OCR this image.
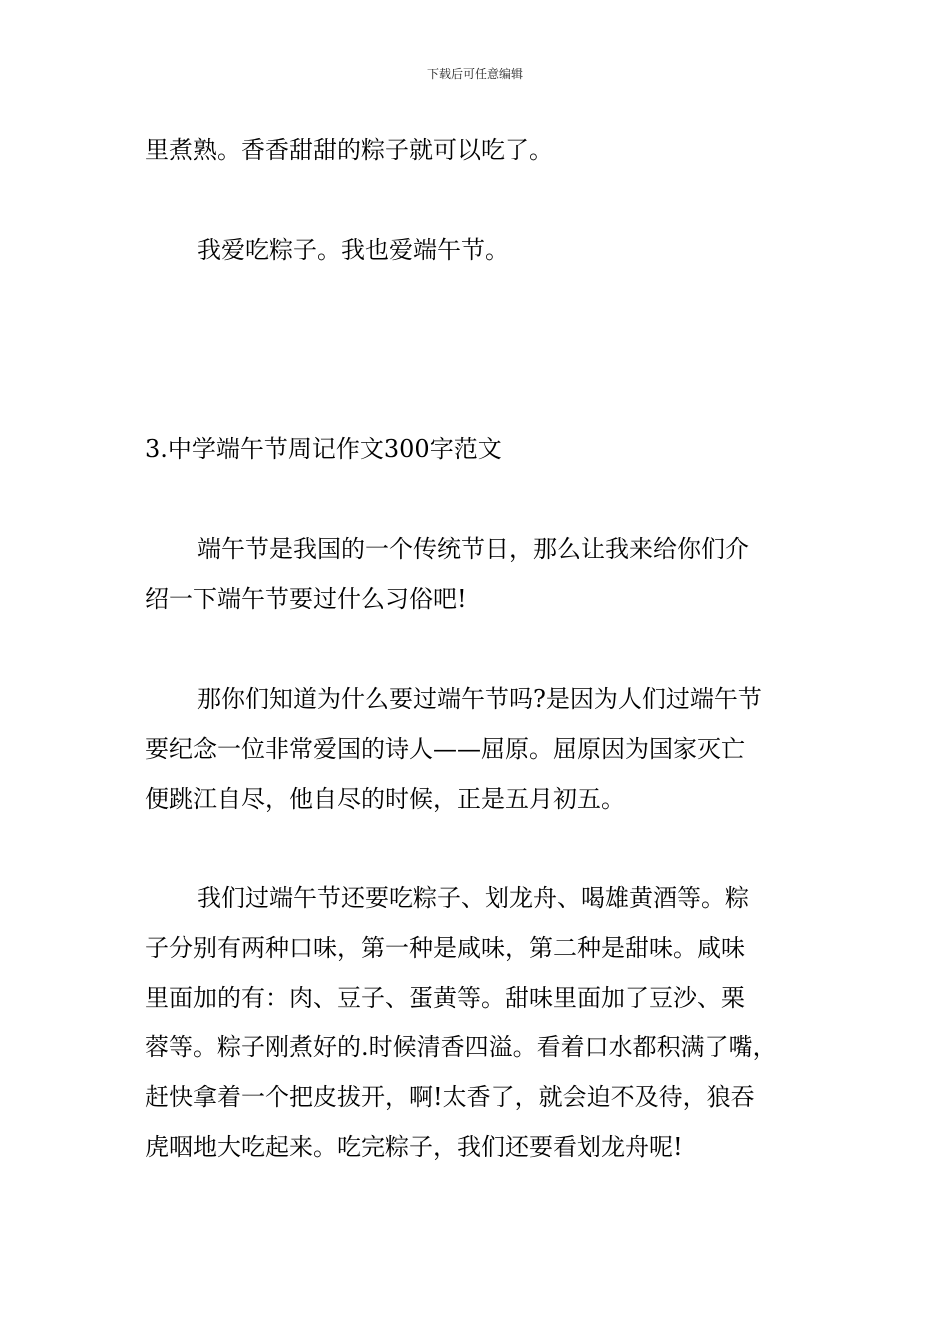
下载后可任意编辑
里煮熟。香香甜甜的粽子就可以吃了。
我爱吃粽子。我也爱端午节。
3.中学端午节周记作文300字范文
端午节是我国的一个传统节日，那么让我来给你们介
绍一下端午节要过什么习俗吧!
那你们知道为什么要过端午节吗?是因为人们过端午节
要纪念一位非常爱国的诗人——屈原。屈原因为国家灭亡
便跳江自尽，他自尽的时候，正是五月初五。
我们过端午节还要吃粽子、划龙舟、喝雄黄酒等。粽
子分别有两种口味，第一种是咸味，第二种是甜味。咸味
里面加的有：肉、豆子、蛋黄等。甜味里面加了豆沙、栗
蓉等。粽子刚煮好的.时候清香四溢。看着口水都积满了嘴，
赶快拿着一个把皮拔开，啊!太香了，就会迫不及待，狼吞
虎咽地大吃起来。吃完粽子，我们还要看划龙舟呢!
